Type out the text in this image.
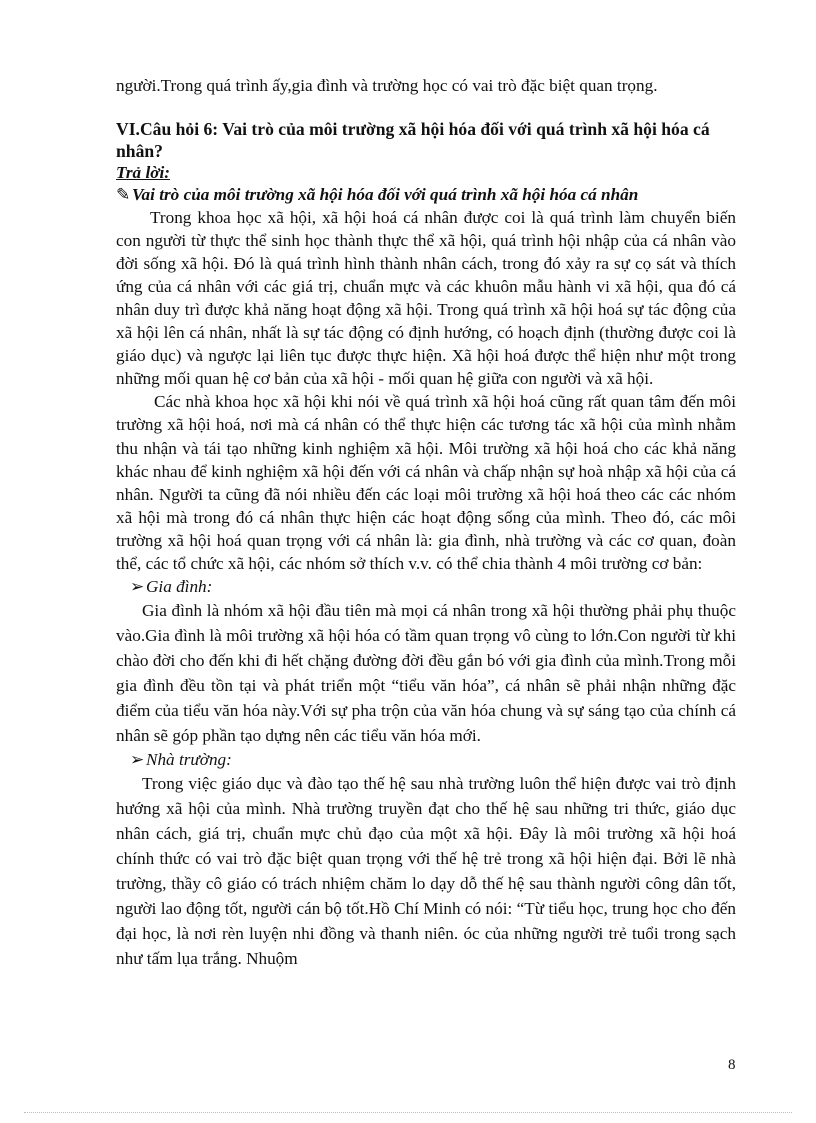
người.Trong quá trình ấy,gia đình và trường học có vai trò đặc biệt quan trọng.

VI.Câu hỏi 6: Vai trò của môi trường xã hội hóa đối với quá trình xã hội hóa cá nhân?

Trả lời:

✎Vai trò của môi trường xã hội hóa đối với quá trình xã hội hóa cá nhân

Trong khoa học xã hội, xã hội hoá cá nhân được coi là quá trình làm chuyển biến con người từ thực thể sinh học thành thực thể xã hội, quá trình hội nhập của cá nhân vào đời sống xã hội. Đó là quá trình hình thành nhân cách, trong đó xảy ra sự cọ sát và thích ứng của cá nhân với các giá trị, chuẩn mực và các khuôn mẫu hành vi xã hội, qua đó cá nhân duy trì được khả năng hoạt động xã hội. Trong quá trình xã hội hoá sự tác động của xã hội lên cá nhân, nhất là sự tác động có định hướng, có hoạch định (thường được coi là giáo dục) và ngược lại liên tục được thực hiện. Xã hội hoá được thể hiện như một trong những mối quan hệ cơ bản của xã hội - mối quan hệ giữa con người và xã hội.

Các nhà khoa học xã hội khi nói về quá trình xã hội hoá cũng rất quan tâm đến môi trường xã hội hoá, nơi mà cá nhân có thể thực hiện các tương tác xã hội của mình nhằm thu nhận và tái tạo những kinh nghiệm xã hội. Môi trường xã hội hoá cho các khả năng khác nhau để kinh nghiệm xã hội đến với cá nhân và chấp nhận sự hoà nhập xã hội của cá nhân. Người ta cũng đã nói nhiều đến các loại môi trường xã hội hoá theo các các nhóm xã hội mà trong đó cá nhân thực hiện các hoạt động sống của mình. Theo đó, các môi trường xã hội hoá quan trọng với cá nhân là: gia đình, nhà trường và các cơ quan, đoàn thể, các tổ chức xã hội, các nhóm sở thích v.v. có thể chia thành 4 môi trường cơ bản:

➢Gia đình:

Gia đình là nhóm xã hội đầu tiên mà mọi cá nhân trong xã hội thường phải phụ thuộc vào.Gia đình là môi trường xã hội hóa có tầm quan trọng vô cùng to lớn.Con người từ khi chào đời cho đến khi đi hết chặng đường đời đều gắn bó với gia đình của mình.Trong mỗi gia đình đều tồn tại và phát triển một “tiểu văn hóa”, cá nhân sẽ phải nhận những đặc điểm của tiểu văn hóa này.Với sự pha trộn của văn hóa chung và sự sáng tạo của chính cá nhân sẽ góp phần tạo dựng nên các tiểu văn hóa mới.

➢Nhà trường:

Trong việc giáo dục và đào tạo thế hệ sau nhà trường luôn thể hiện được vai trò định hướng xã hội của mình. Nhà trường truyền đạt cho thế hệ sau những tri thức, giáo dục nhân cách, giá trị, chuẩn mực chủ đạo của một xã hội. Đây là môi trường xã hội hoá chính thức có vai trò đặc biệt quan trọng với thế hệ trẻ trong xã hội hiện đại. Bởi lẽ nhà trường, thầy cô giáo có trách nhiệm chăm lo dạy dỗ thế hệ sau thành người công dân tốt, người lao động tốt, người cán bộ tốt.Hồ Chí Minh có nói: “Từ tiểu học, trung học cho đến đại học, là nơi rèn luyện nhi đồng và thanh niên. óc của những người trẻ tuổi trong sạch như tấm lụa trắng. Nhuộm

8
